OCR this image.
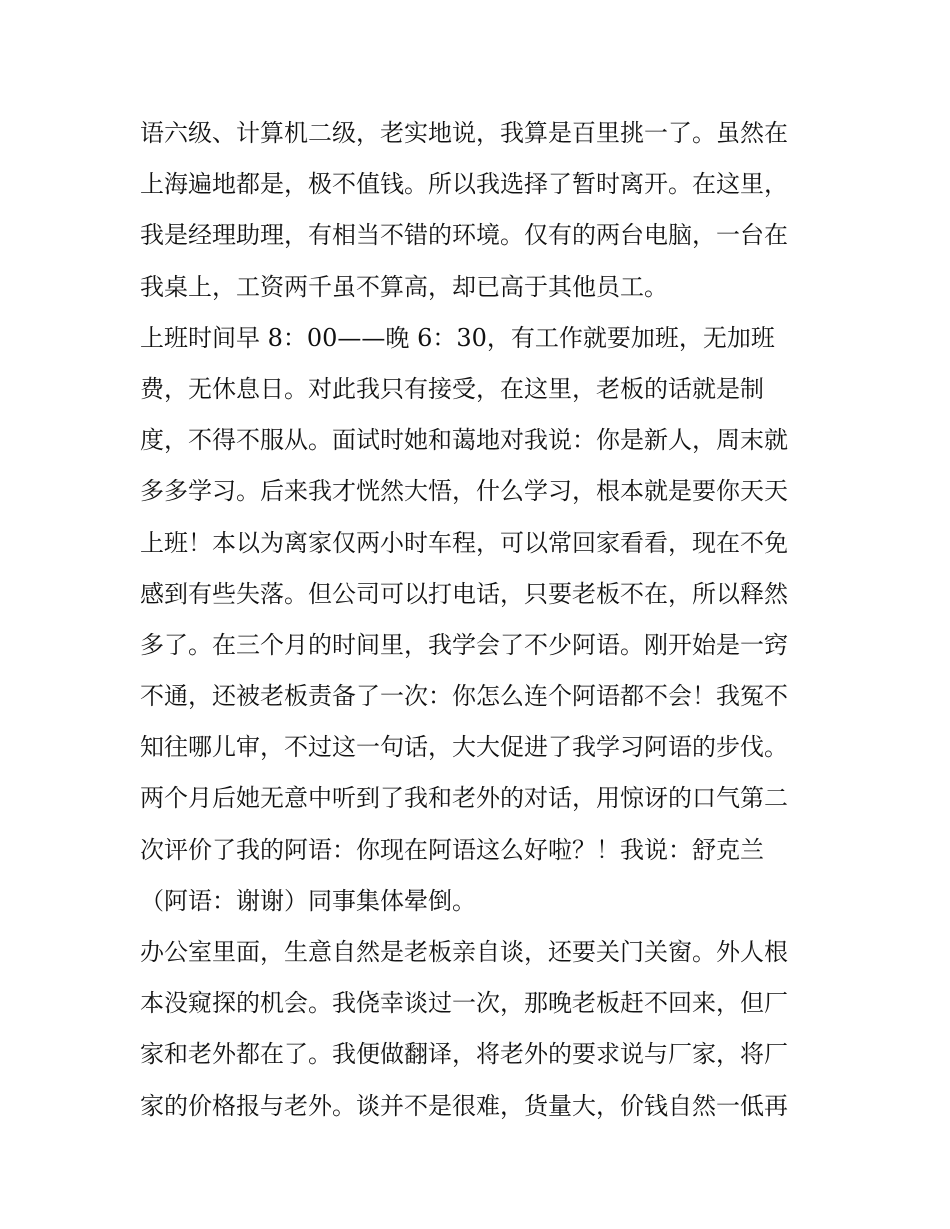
语六级、计算机二级，老实地说，我算是百里挑一了。虽然在
上海遍地都是，极不值钱。所以我选择了暂时离开。在这里，
我是经理助理，有相当不错的环境。仅有的两台电脑，一台在
我桌上，工资两千虽不算高，却已高于其他员工。
上班时间早 8：00——晚 6：30，有工作就要加班，无加班
费，无休息日。对此我只有接受，在这里，老板的话就是制
度，不得不服从。面试时她和蔼地对我说：你是新人，周末就
多多学习。后来我才恍然大悟，什么学习，根本就是要你天天
上班！本以为离家仅两小时车程，可以常回家看看，现在不免
感到有些失落。但公司可以打电话，只要老板不在，所以释然
多了。在三个月的时间里，我学会了不少阿语。刚开始是一窍
不通，还被老板责备了一次：你怎么连个阿语都不会！我冤不
知往哪儿审，不过这一句话，大大促进了我学习阿语的步伐。
两个月后她无意中听到了我和老外的对话，用惊讶的口气第二
次评价了我的阿语：你现在阿语这么好啦？！我说：舒克兰
（阿语：谢谢）同事集体晕倒。
办公室里面，生意自然是老板亲自谈，还要关门关窗。外人根
本没窥探的机会。我侥幸谈过一次，那晚老板赶不回来，但厂
家和老外都在了。我便做翻译，将老外的要求说与厂家，将厂
家的价格报与老外。谈并不是很难，货量大，价钱自然一低再
